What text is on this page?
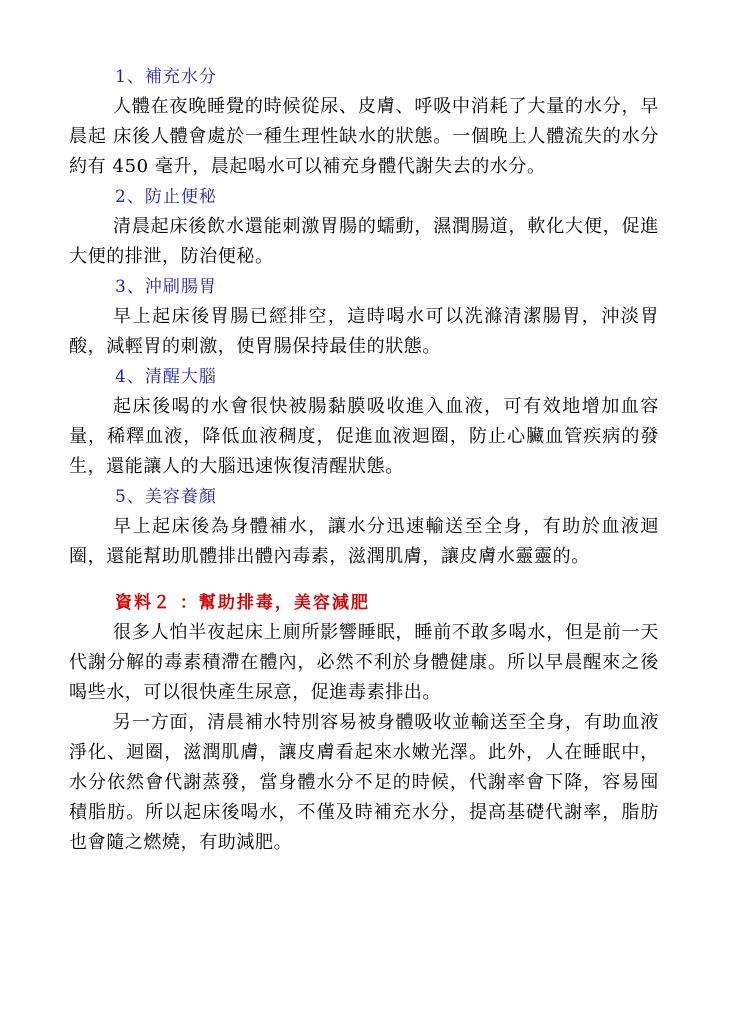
1、補充水分

人體在夜晚睡覺的時候從尿、皮膚、呼吸中消耗了大量的水分，早晨起 床後人體會處於一種生理性缺水的狀態。一個晚上人體流失的水分約有 450 毫升，晨起喝水可以補充身體代謝失去的水分。

2、防止便秘

清晨起床後飲水還能刺激胃腸的蠕動，濕潤腸道，軟化大便，促進大便的排泄，防治便秘。

3、沖刷腸胃

早上起床後胃腸已經排空，這時喝水可以洗滌清潔腸胃，沖淡胃酸，減輕胃的刺激，使胃腸保持最佳的狀態。

4、清醒大腦

起床後喝的水會很快被腸黏膜吸收進入血液，可有效地增加血容量，稀釋血液，降低血液稠度，促進血液迴圈，防止心臟血管疾病的發生，還能讓人的大腦迅速恢復清醒狀態。

5、美容養顏

早上起床後為身體補水，讓水分迅速輸送至全身，有助於血液迴圈，還能幫助肌體排出體內毒素，滋潤肌膚，讓皮膚水靈靈的。

資料２ ：幫助排毒，美容減肥

很多人怕半夜起床上廁所影響睡眠，睡前不敢多喝水，但是前一天代謝分解的毒素積滯在體內，必然不利於身體健康。所以早晨醒來之後喝些水，可以很快產生尿意，促進毒素排出。

另一方面，清晨補水特別容易被身體吸收並輸送至全身，有助血液淨化、迴圈，滋潤肌膚，讓皮膚看起來水嫩光澤。此外，人在睡眠中，水分依然會代謝蒸發，當身體水分不足的時候，代謝率會下降，容易囤積脂肪。所以起床後喝水，不僅及時補充水分，提高基礎代謝率，脂肪也會隨之燃燒，有助減肥。
